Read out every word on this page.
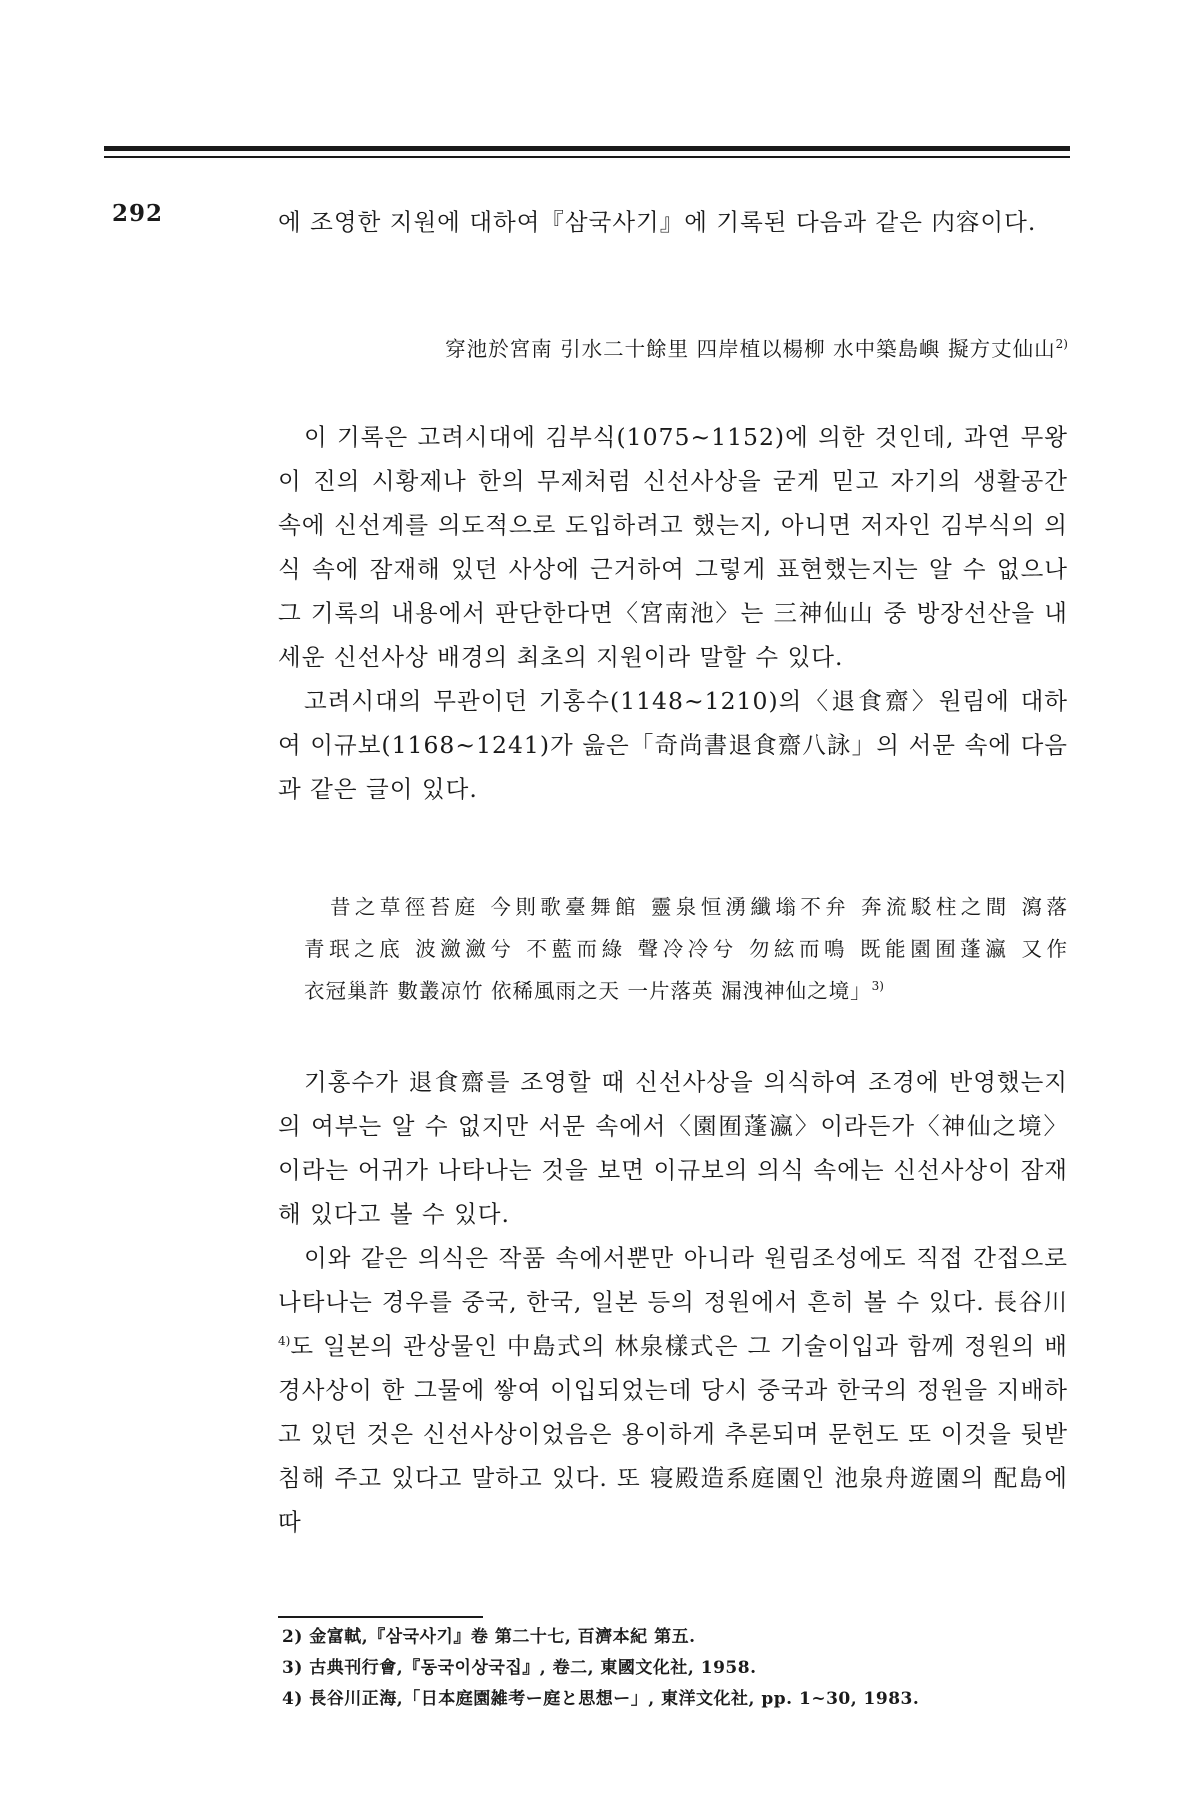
292	에 조영한 지원에 대하여『삼국사기』에 기록된 다음과 같은 内容이다.

穿池於宮南 引水二十餘里 四岸植以楊柳 水中築島嶼 擬方丈仙山$^{2)}$

이 기록은 고려시대에 김부식(1075~1152)에 의한 것인데, 과연 무왕이 진의 시황제나 한의 무제처럼 신선사상을 굳게 믿고 자기의 생활공간 속에 신선계를 의도적으로 도입하려고 했는지, 아니면 저자인 김부식의 의식 속에 잠재해 있던 사상에 근거하여 그렇게 표현했는지는 알 수 없으나 그 기록의 내용에서 판단한다면〈宮南池〉는 三神仙山 중 방장선산을 내세운 신선사상 배경의 최초의 지원이라 말할 수 있다.

고려시대의 무관이던 기홍수(1148~1210)의〈退食齋〉원림에 대하여 이규보(1168~1241)가 읊은「奇尚書退食齋八詠」의 서문 속에 다음과 같은 글이 있다.

昔之草徑苔庭 今則歌臺舞館 靈泉恒湧纖塕不弁 奔流駁柱之間 瀉落
青珉之底 波瀲瀲兮 不藍而綠 聲冷冷兮 勿絃而鳴 既能園囿蓬瀛 又作
衣冠巢許 數叢凉竹 依稀風雨之天 一片落英 漏洩神仙之境」$^{3)}$

기홍수가 退食齋를 조영할 때 신선사상을 의식하여 조경에 반영했는지의 여부는 알 수 없지만 서문 속에서〈園囿蓬瀛〉이라든가〈神仙之境〉이라는 어귀가 나타나는 것을 보면 이규보의 의식 속에는 신선사상이 잠재해 있다고 볼 수 있다.

이와 같은 의식은 작품 속에서뿐만 아니라 원림조성에도 직접 간접으로 나타나는 경우를 중국, 한국, 일본 등의 정원에서 흔히 볼 수 있다. 長谷川$^{4)}$도 일본의 관상물인 中島式의 林泉樣式은 그 기술이입과 함께 정원의 배경사상이 한 그물에 쌓여 이입되었는데 당시 중국과 한국의 정원을 지배하고 있던 것은 신선사상이었음은 용이하게 추론되며 문헌도 또 이것을 뒷받침해 주고 있다고 말하고 있다. 또 寝殿造系庭園인 池泉舟遊園의 配島에 따

2) 金富軾,『삼국사기』卷 第二十七, 百濟本紀 第五.
3) 古典刊行會,『동국이상국집』, 卷二, 東國文化社, 1958.
4) 長谷川正海,「日本庭園雑考ー庭と思想ー」, 東洋文化社, pp. 1~30, 1983.
